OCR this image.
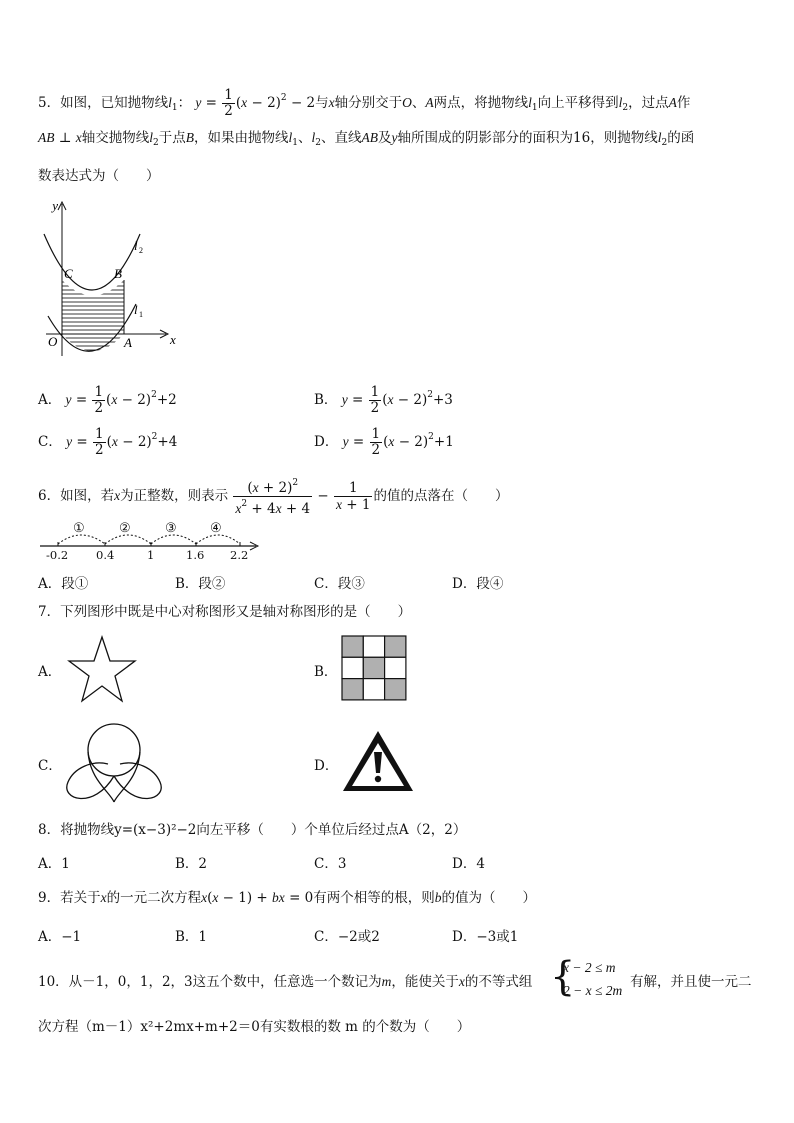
5．如图，已知抛物线$l_1$： $y = \frac{1}{2} (x - 2)^2 - 2$与x轴分别交于O、A两点，将抛物线$l_1$向上平移得到$l_2$，过点A作
AB ⊥ x轴交抛物线$l_2$于点B，如果由抛物线$l_1$、$l_2$、直线AB及y轴所围成的阴影部分的面积为16，则抛物线$l_2$的函
数表达式为（　　）
y
x
O	A
C	B
l 2
l 1
A． $y = \frac{1}{2} (x - 2)^2+2$	B． $y = \frac{1}{2} (x - 2)^2+3$
C． $y = \frac{1}{2} (x - 2)^2+4$	D． $y = \frac{1}{2} (x - 2)^2+1$
6．如图，若x为正整数，则表示 $\frac{(x + 2)^2}{x^2 + 4x + 4} - \frac{1}{x + 1}$ 的值的点落在（　　）
①	②	③	④
-0.2 0.4	1	1.6 2.2
A．段①	B．段②	C．段③	D．段④
7．下列图形中既是中心对称图形又是轴对称图形的是（　　）
A．	B．
C．	D．
8．将抛物线y=(x−3)²−2向左平移（　　）个单位后经过点A（2，2）
A．1	B．2	C．3	D．4
9．若关于x的一元二次方程x(x − 1) + bx = 0有两个相等的根，则b的值为（　　）
A．−1	B．1	C．−2或2	D．−3或1
10．从－1，0，1，2，3这五个数中，任意选一个数记为m，能使关于x的不等式组 {
x − 2 ≤ m
2 − x ≤ 2m
有解，并且使一元二
次方程（m－1）x²+2mx+m+2＝0有实数根的数 m 的个数为（　　）
